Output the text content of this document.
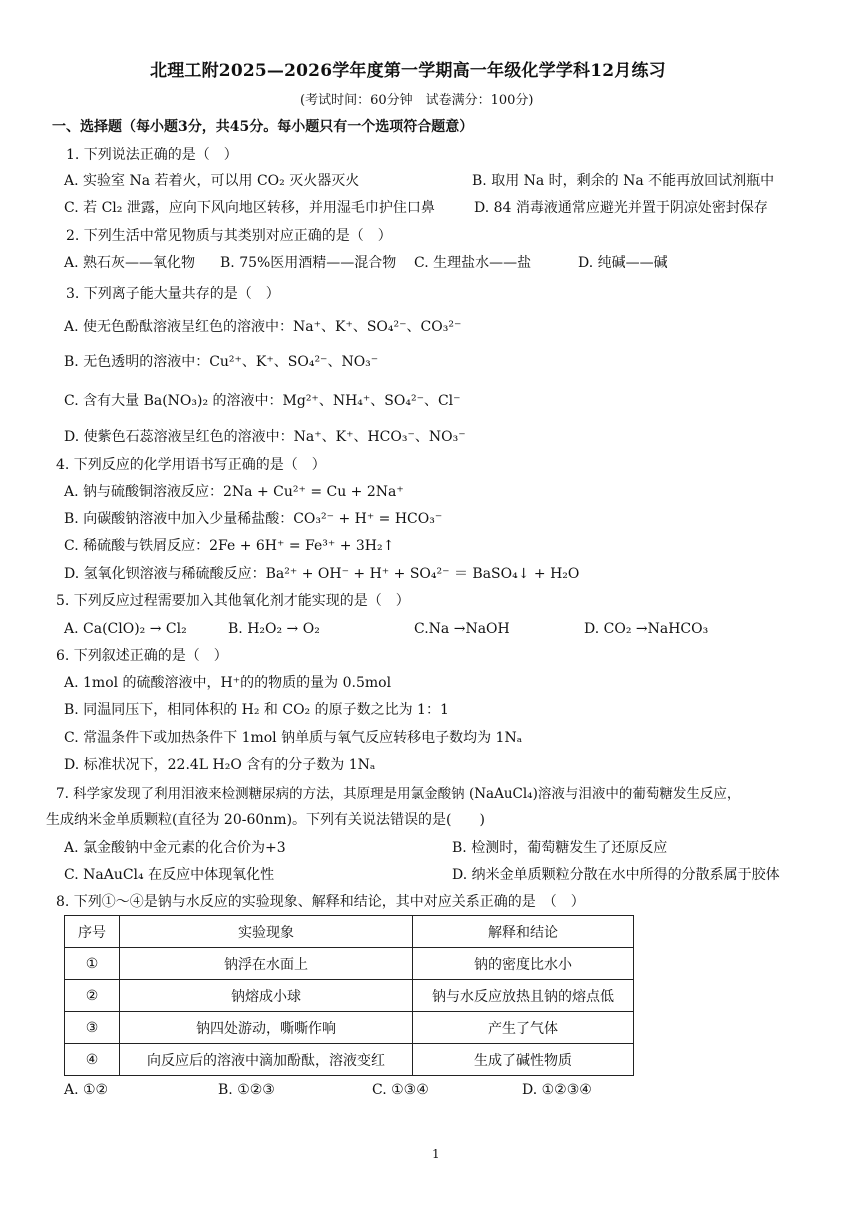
北理工附2025—2026学年度第一学期高一年级化学学科12月练习
(考试时间：60分钟　试卷满分：100分)
一、选择题（每小题3分，共45分。每小题只有一个选项符合题意）
1. 下列说法正确的是（　）
A. 实验室 Na 若着火，可以用 CO₂ 灭火器灭火	B. 取用 Na 时，剩余的 Na 不能再放回试剂瓶中
C. 若 Cl₂ 泄露，应向下风向地区转移，并用湿毛巾护住口鼻	D. 84 消毒液通常应避光并置于阴凉处密封保存
2. 下列生活中常见物质与其类别对应正确的是（　）
A. 熟石灰——氧化物 B. 75%医用酒精——混合物 C. 生理盐水——盐	D. 纯碱——碱
3. 下列离子能大量共存的是（　）
A. 使无色酚酞溶液呈红色的溶液中：Na⁺、K⁺、SO₄²⁻、CO₃²⁻
B. 无色透明的溶液中：Cu²⁺、K⁺、SO₄²⁻、NO₃⁻
C. 含有大量 Ba(NO₃)₂ 的溶液中：Mg²⁺、NH₄⁺、SO₄²⁻、Cl⁻
D. 使紫色石蕊溶液呈红色的溶液中：Na⁺、K⁺、HCO₃⁻、NO₃⁻
4. 下列反应的化学用语书写正确的是（　）
A. 钠与硫酸铜溶液反应：2Na + Cu²⁺ = Cu + 2Na⁺
B. 向碳酸钠溶液中加入少量稀盐酸：CO₃²⁻ + H⁺ = HCO₃⁻
C. 稀硫酸与铁屑反应：2Fe + 6H⁺ = Fe³⁺ + 3H₂↑
D. 氢氧化钡溶液与稀硫酸反应：Ba²⁺ + OH⁻ + H⁺ + SO₄²⁻ ＝ BaSO₄↓ + H₂O
5. 下列反应过程需要加入其他氧化剂才能实现的是（　）
A. Ca(ClO)₂ → Cl₂	B. H₂O₂ → O₂	C.Na →NaOH	D. CO₂ →NaHCO₃
6. 下列叙述正确的是（　）
A. 1mol 的硫酸溶液中，H⁺的的物质的量为 0.5mol
B. 同温同压下，相同体积的 H₂ 和 CO₂ 的原子数之比为 1：1
C. 常温条件下或加热条件下 1mol 钠单质与氧气反应转移电子数均为 1Nₐ
D. 标准状况下，22.4L H₂O 含有的分子数为 1Nₐ
7. 科学家发现了利用泪液来检测糖尿病的方法，其原理是用氯金酸钠 (NaAuCl₄)溶液与泪液中的葡萄糖发生反应，
生成纳米金单质颗粒(直径为 20-60nm)。下列有关说法错误的是(　　)
A. 氯金酸钠中金元素的化合价为+3	B. 检测时，葡萄糖发生了还原反应
C. NaAuCl₄ 在反应中体现氧化性	D. 纳米金单质颗粒分散在水中所得的分散系属于胶体
8. 下列①～④是钠与水反应的实验现象、解释和结论，其中对应关系正确的是　（　）
序号	实验现象	解释和结论
①	钠浮在水面上	钠的密度比水小
②	钠熔成小球	钠与水反应放热且钠的熔点低
③	钠四处游动，嘶嘶作响	产生了气体
④	向反应后的溶液中滴加酚酞，溶液变红	生成了碱性物质
A. ①②	B. ①②③	C. ①③④	D. ①②③④
1
